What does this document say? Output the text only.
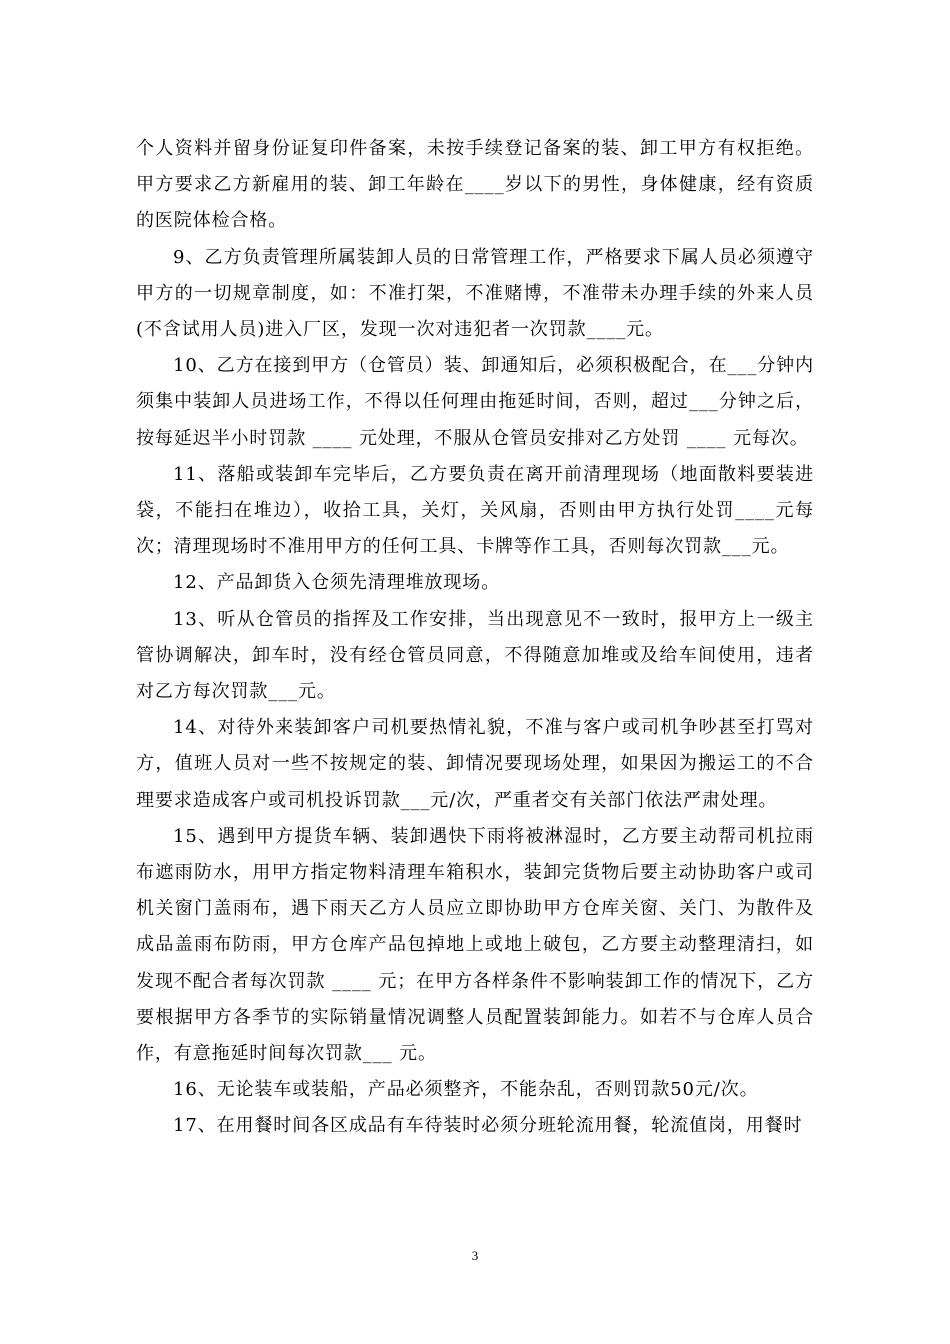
个人资料并留身份证复印件备案，未按手续登记备案的装、卸工甲方有权拒绝。甲方要求乙方新雇用的装、卸工年龄在____岁以下的男性，身体健康，经有资质的医院体检合格。

9、乙方负责管理所属装卸人员的日常管理工作，严格要求下属人员必须遵守甲方的一切规章制度，如：不准打架，不准赌博，不准带未办理手续的外来人员(不含试用人员)进入厂区，发现一次对违犯者一次罚款____元。

10、乙方在接到甲方（仓管员）装、卸通知后，必须积极配合，在___分钟内须集中装卸人员进场工作，不得以任何理由拖延时间，否则，超过___分钟之后，按每延迟半小时罚款 ____ 元处理，不服从仓管员安排对乙方处罚 ____ 元每次。

11、落船或装卸车完毕后，乙方要负责在离开前清理现场（地面散料要装进袋，不能扫在堆边），收拾工具，关灯，关风扇，否则由甲方执行处罚____元每次；清理现场时不准用甲方的任何工具、卡牌等作工具，否则每次罚款___元。

12、产品卸货入仓须先清理堆放现场。

13、听从仓管员的指挥及工作安排，当出现意见不一致时，报甲方上一级主管协调解决，卸车时，没有经仓管员同意，不得随意加堆或及给车间使用，违者对乙方每次罚款___元。

14、对待外来装卸客户司机要热情礼貌，不准与客户或司机争吵甚至打骂对方，值班人员对一些不按规定的装、卸情况要现场处理，如果因为搬运工的不合理要求造成客户或司机投诉罚款___元/次，严重者交有关部门依法严肃处理。

15、遇到甲方提货车辆、装卸遇快下雨将被淋湿时，乙方要主动帮司机拉雨布遮雨防水，用甲方指定物料清理车箱积水，装卸完货物后要主动协助客户或司机关窗门盖雨布，遇下雨天乙方人员应立即协助甲方仓库关窗、关门、为散件及成品盖雨布防雨，甲方仓库产品包掉地上或地上破包，乙方要主动整理清扫，如发现不配合者每次罚款 ____ 元；在甲方各样条件不影响装卸工作的情况下，乙方要根据甲方各季节的实际销量情况调整人员配置装卸能力。如若不与仓库人员合作，有意拖延时间每次罚款___ 元。

16、无论装车或装船，产品必须整齐，不能杂乱，否则罚款50元/次。

17、在用餐时间各区成品有车待装时必须分班轮流用餐，轮流值岗，用餐时

3
